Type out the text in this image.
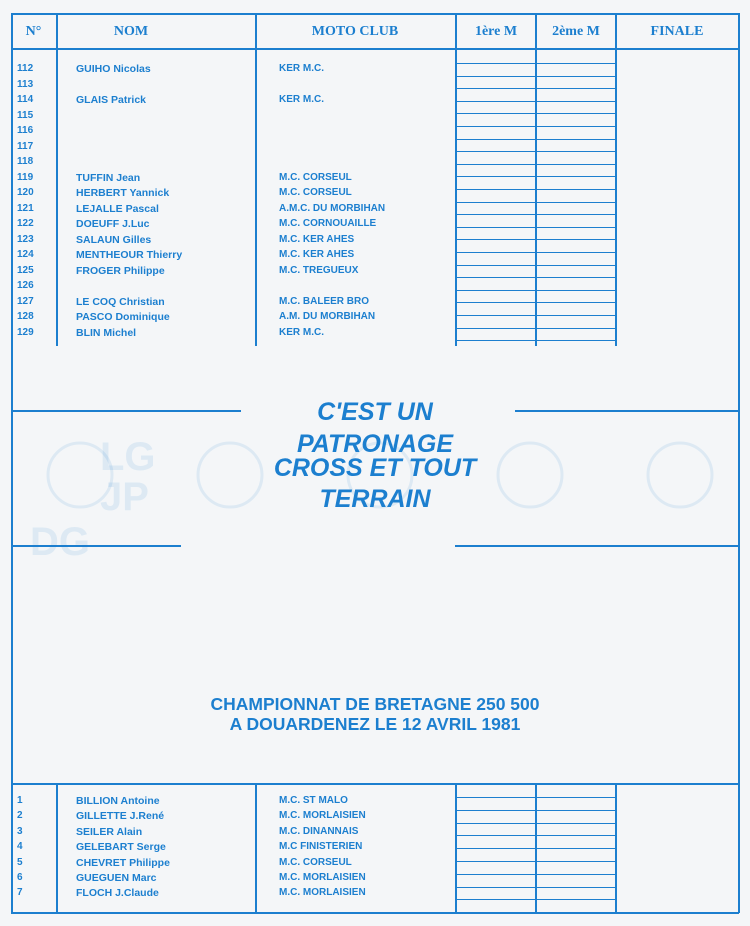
N°	NOM	MOTO CLUB	1ère M	2ème M	FINALE
112	GUIHO Nicolas	KER M.C.
113
114	GLAIS Patrick	KER M.C.
115
116
117
118
119	TUFFIN Jean	M.C. CORSEUL
120	HERBERT Yannick	M.C. CORSEUL
121	LEJALLE Pascal	A.M.C. DU MORBIHAN
122	DOEUFF J.Luc	M.C. CORNOUAILLE
123	SALAUN Gilles	M.C. KER AHES
124	MENTHEOUR Thierry	M.C. KER AHES
125	FROGER Philippe	M.C. TREGUEUX
126
127	LE COQ Christian	M.C. BALEER BRO
128	PASCO Dominique	A.M. DU MORBIHAN
129	BLIN Michel	KER M.C.
LG
JP
DG
C'EST UN
PATRONAGE
CROSS ET TOUT
TERRAIN
CHAMPIONNAT DE BRETAGNE 250 500
A DOUARDENEZ LE 12 AVRIL 1981
1	BILLION Antoine	M.C. ST MALO
2	GILLETTE J.René	M.C. MORLAISIEN
3	SEILER Alain	M.C. DINANNAIS
4	GELEBART Serge	M.C FINISTERIEN
5	CHEVRET Philippe	M.C. CORSEUL
6	GUEGUEN Marc	M.C. MORLAISIEN
7	FLOCH J.Claude	M.C. MORLAISIEN
